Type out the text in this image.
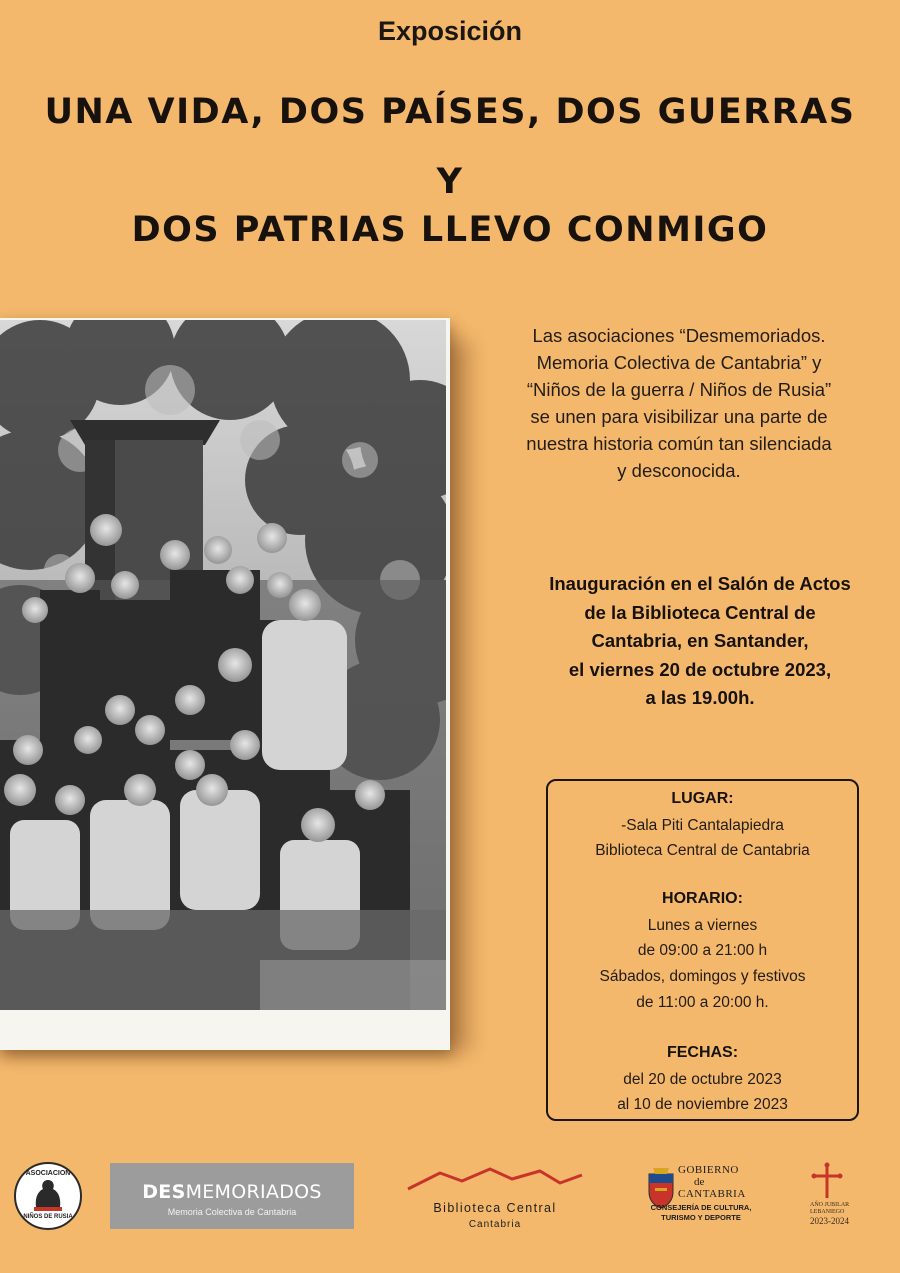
Exposición
UNA VIDA, DOS PAÍSES, DOS GUERRAS
Y
DOS PATRIAS LLEVO CONMIGO
Las asociaciones “Desmemoriados.
Memoria Colectiva de Cantabria” y
“Niños de la guerra / Niños de Rusia”
se unen para visibilizar una parte de
nuestra historia común tan silenciada
y desconocida.
Inauguración en el Salón de Actos
de la Biblioteca Central de
Cantabria, en Santander,
el viernes 20 de octubre 2023,
a las 19.00h.
LUGAR:
-Sala Piti Cantalapiedra
Biblioteca Central de Cantabria
HORARIO:
Lunes a viernes
de 09:00 a 21:00 h
Sábados, domingos y festivos
de 11:00 a 20:00 h.
FECHAS:
del 20 de octubre 2023
al 10 de noviembre 2023
ASOCIACION
NIÑOS DE RUSIA
DESMEMORIADOS
Memoria Colectiva de Cantabria	Biblioteca Central
Cantabria
GOBIERNO
de
CANTABRIA
CONSEJERÍA DE CULTURA,
TURISMO Y DEPORTE
AÑO JUBILAR
LEBANIEGO
2023-2024
